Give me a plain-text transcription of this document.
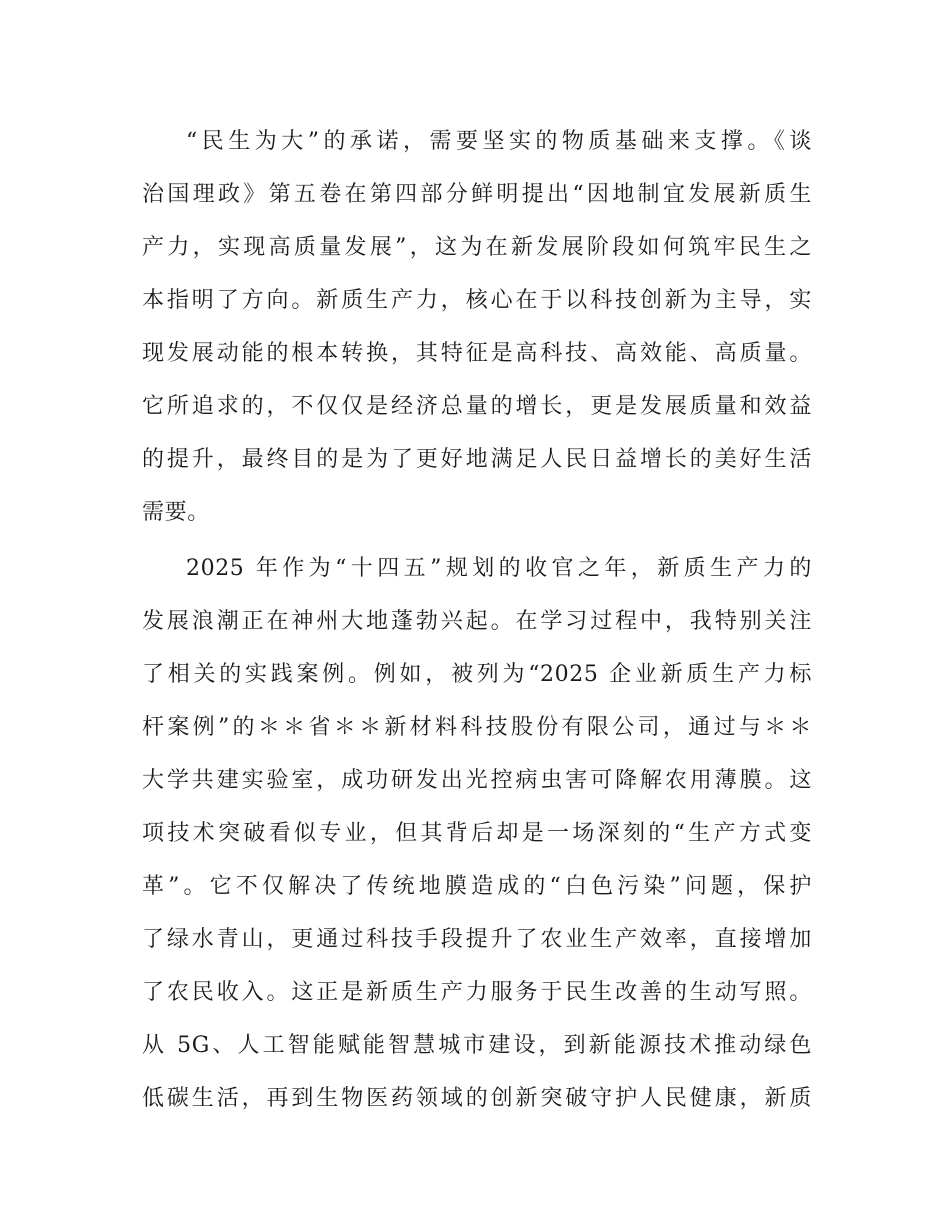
“民生为大”的承诺，需要坚实的物质基础来支撑。《谈
治国理政》第五卷在第四部分鲜明提出“因地制宜发展新质生
产力，实现高质量发展”，这为在新发展阶段如何筑牢民生之
本指明了方向。新质生产力，核心在于以科技创新为主导，实
现发展动能的根本转换，其特征是高科技、高效能、高质量。
它所追求的，不仅仅是经济总量的增长，更是发展质量和效益
的提升，最终目的是为了更好地满足人民日益增长的美好生活
需要。
2025 年作为“十四五”规划的收官之年，新质生产力的
发展浪潮正在神州大地蓬勃兴起。在学习过程中，我特别关注
了相关的实践案例。例如，被列为“2025 企业新质生产力标
杆案例”的＊＊省＊＊新材料科技股份有限公司，通过与＊＊
大学共建实验室，成功研发出光控病虫害可降解农用薄膜。这
项技术突破看似专业，但其背后却是一场深刻的“生产方式变
革”。它不仅解决了传统地膜造成的“白色污染”问题，保护
了绿水青山，更通过科技手段提升了农业生产效率，直接增加
了农民收入。这正是新质生产力服务于民生改善的生动写照。
从 5G、人工智能赋能智慧城市建设，到新能源技术推动绿色
低碳生活，再到生物医药领域的创新突破守护人民健康，新质
